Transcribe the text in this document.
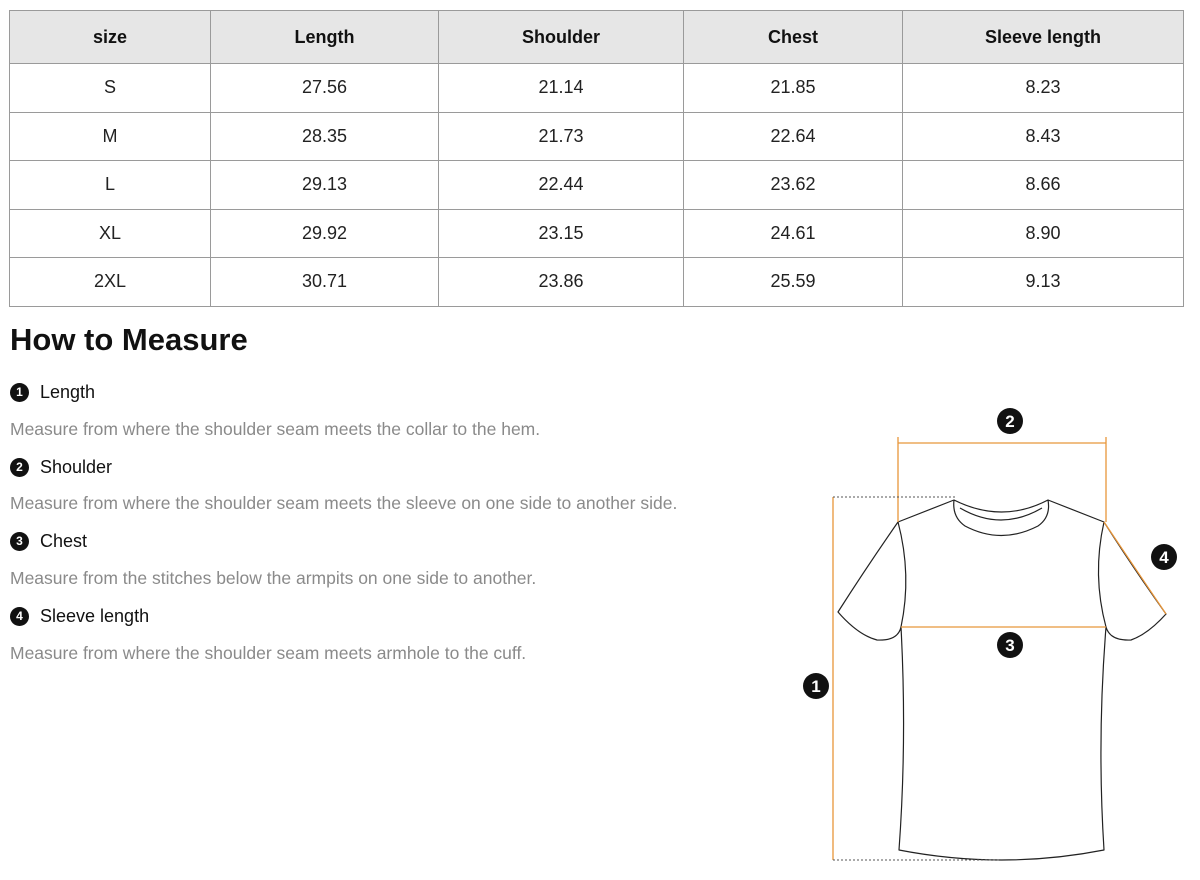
size	Length	Shoulder	Chest	Sleeve length
S	27.56	21.14	21.85	8.23
M	28.35	21.73	22.64	8.43
L	29.13	22.44	23.62	8.66
XL	29.92	23.15	24.61	8.90
2XL	30.71	23.86	25.59	9.13
How to Measure
1 Length

Measure from where the shoulder seam meets the collar to the hem.

2 Shoulder

Measure from where the shoulder seam meets the sleeve on one side to another side.

3 Chest

Measure from the stitches below the armpits on one side to another.

4 Sleeve length

Measure from where the shoulder seam meets armhole to the cuff.

1
2
3
4
